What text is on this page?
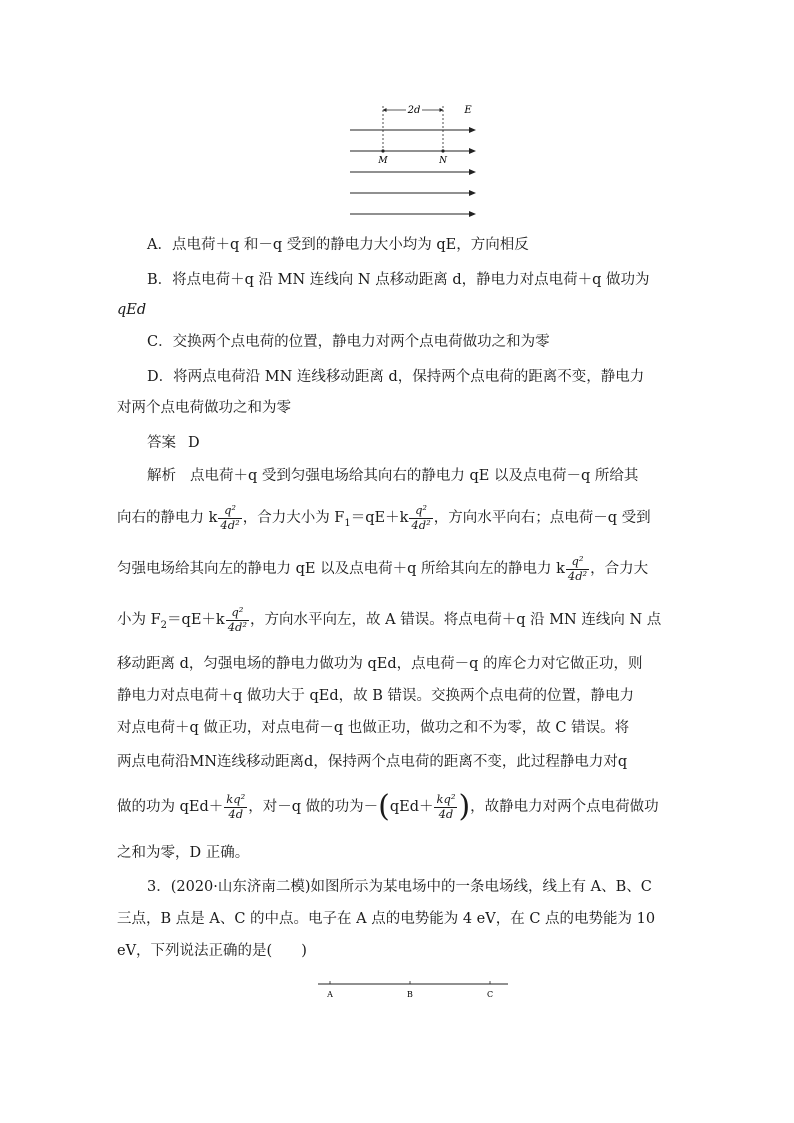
2d	E
M	N
A．点电荷＋q 和－q 受到的静电力大小均为 qE，方向相反
B．将点电荷＋q 沿 MN 连线向 N 点移动距离 d，静电力对点电荷＋q 做功为
qEd
C．交换两个点电荷的位置，静电力对两个点电荷做功之和为零
D．将两点电荷沿 MN 连线移动距离 d，保持两个点电荷的距离不变，静电力
对两个点电荷做功之和为零
答案 D
解析 点电荷＋q 受到匀强电场给其向右的静电力 qE 以及点电荷－q 所给其
向右的静电力 k $\frac{\text{q²}}{\text{4d²}}$ ，合力大小为 $F_1=qE+k \frac{\text{q²}}{\text{4d²}}$ ，方向水平向右；点电荷－q 受到
匀强电场给其向左的静电力 qE 以及点电荷＋q 所给其向左的静电力 k $\frac{\text{q²}}{\text{4d²}}$ ，合力大
小为 $F_2=qE+k \frac{\text{q²}}{\text{4d²}}$ ，方向水平向左，故 A 错误。将点电荷＋q 沿 MN 连线向 N 点
移动距离 d，匀强电场的静电力做功为 qEd，点电荷－q 的库仑力对它做正功，则
静电力对点电荷＋q 做功大于 qEd，故 B 错误。交换两个点电荷的位置，静电力
对点电荷＋q 做正功，对点电荷－q 也做正功，做功之和不为零，故 C 错误。将
两点电荷沿MN连线移动距离d，保持两个点电荷的距离不变，此过程静电力对q
做的功为 $qEd+ \frac{\text{kq²}}{4d}$ ，对－q 做的功为$-(qEd+ \frac{\text{kq²}}{4d}$ )，故静电力对两个点电荷做功
之和为零，D 正确。
3．(2020·山东济南二模)如图所示为某电场中的一条电场线，线上有 A、B、C
三点，B 点是 A、C 的中点。电子在 A 点的电势能为 4 eV，在 C 点的电势能为 10
eV，下列说法正确的是(　　)
A	B	C
